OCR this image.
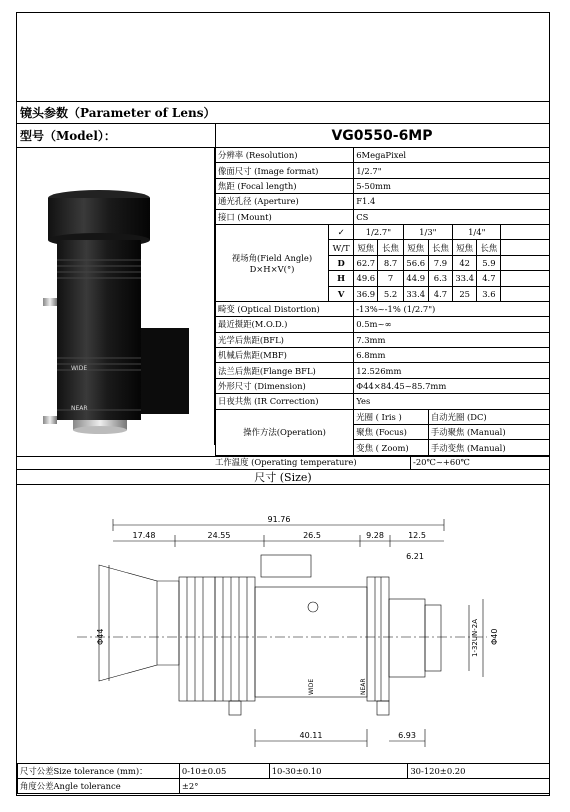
镜头参数（Parameter of Lens）
型号（Model）：	VG0550-6MP
WIDE
NEAR
分辨率 (Resolution)		6MegaPixel						
像面尺寸 (Image format)		1/2.7"						
焦距 (Focal length)		5-50mm						
通光孔径 (Aperture)		F1.4						
接口 (Mount)		CS						

视场角(Field Angle)
D×H×V(°)	✓	1/2.7"		1/3"		1/4"		
	W/T	短焦	长焦	短焦	长焦	短焦	长焦	
	D	62.7	8.7	56.6	7.9	42	5.9	
	H	49.6	7	44.9	6.3	33.4	4.7	
	V	36.9	5.2	33.4	4.7	25	3.6	
畸变 (Optical Distortion)		-13%~-1% (1/2.7")						
最近摄距(M.O.D.)		0.5m~∞						
光学后焦距(BFL)		7.3mm						
机械后焦距(MBF)		6.8mm						
法兰后焦距(Flange BFL)		12.526mm						
外形尺寸 (Dimension)		Φ44×84.45~85.7mm						
日夜共焦 (IR Correction)		Yes						
操作方法(Operation)		光圈 ( Iris )			自动光圈 (DC)			
		聚焦 (Focus)			手动聚焦 (Manual)			
		变焦 ( Zoom)			手动变焦 (Manual)			
工作温度 (Operating temperature)	-20℃~+60℃
尺寸 (Size)
91.76
17.48	24.55	26.5	9.28	12.5
6.21
Φ44	Φ40
1-32UN-2A
40.11	6.93
WIDE	NEAR
尺寸公差Size tolerance (mm)：	0-10±0.05	10-30±0.10	30-120±0.20
角度公差Angle tolerance	±2°		
